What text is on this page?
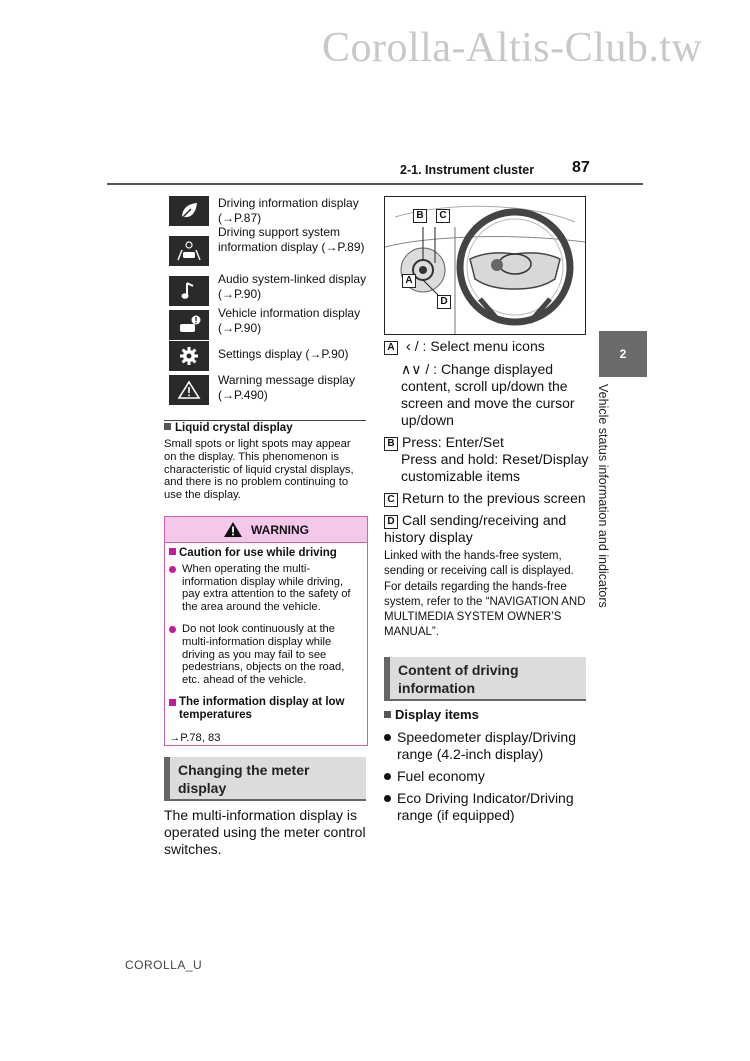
Corolla-Altis-Club.tw
2-1. Instrument cluster 87
Driving information display (→P.87)
Driving support system information display (→P.89)
Audio system-linked display (→P.90)
Vehicle information display (→P.90)
Settings display (→P.90)
Warning message display (→P.490)
Liquid crystal display
Small spots or light spots may appear on the display. This phenomenon is characteristic of liquid crystal displays, and there is no problem continuing to use the display.
WARNING
Caution for use while driving
When operating the multi-information display while driving, pay extra attention to the safety of the area around the vehicle.
Do not look continuously at the multi-information display while driving as you may fail to see pedestrians, objects on the road, etc. ahead of the vehicle.
The information display at low temperatures
→P.78, 83
Changing the meter display
The multi-information display is operated using the meter control switches.
B	C
A
D
A ‹ / : Select menu icons
∧∨ / : Change displayed content, scroll up/down the screen and move the cursor up/down
B Press: Enter/Set
Press and hold: Reset/Display customizable items
C Return to the previous screen
D Call sending/receiving and history display
Linked with the hands-free system, sending or receiving call is displayed. For details regarding the hands-free system, refer to the “NAVIGATION AND MULTIMEDIA SYSTEM OWNER’S MANUAL”.
Content of driving information
Display items
Speedometer display/Driving range (4.2-inch display)
Fuel economy
Eco Driving Indicator/Driving range (if equipped)
2
Vehicle status information and indicators
COROLLA_U
